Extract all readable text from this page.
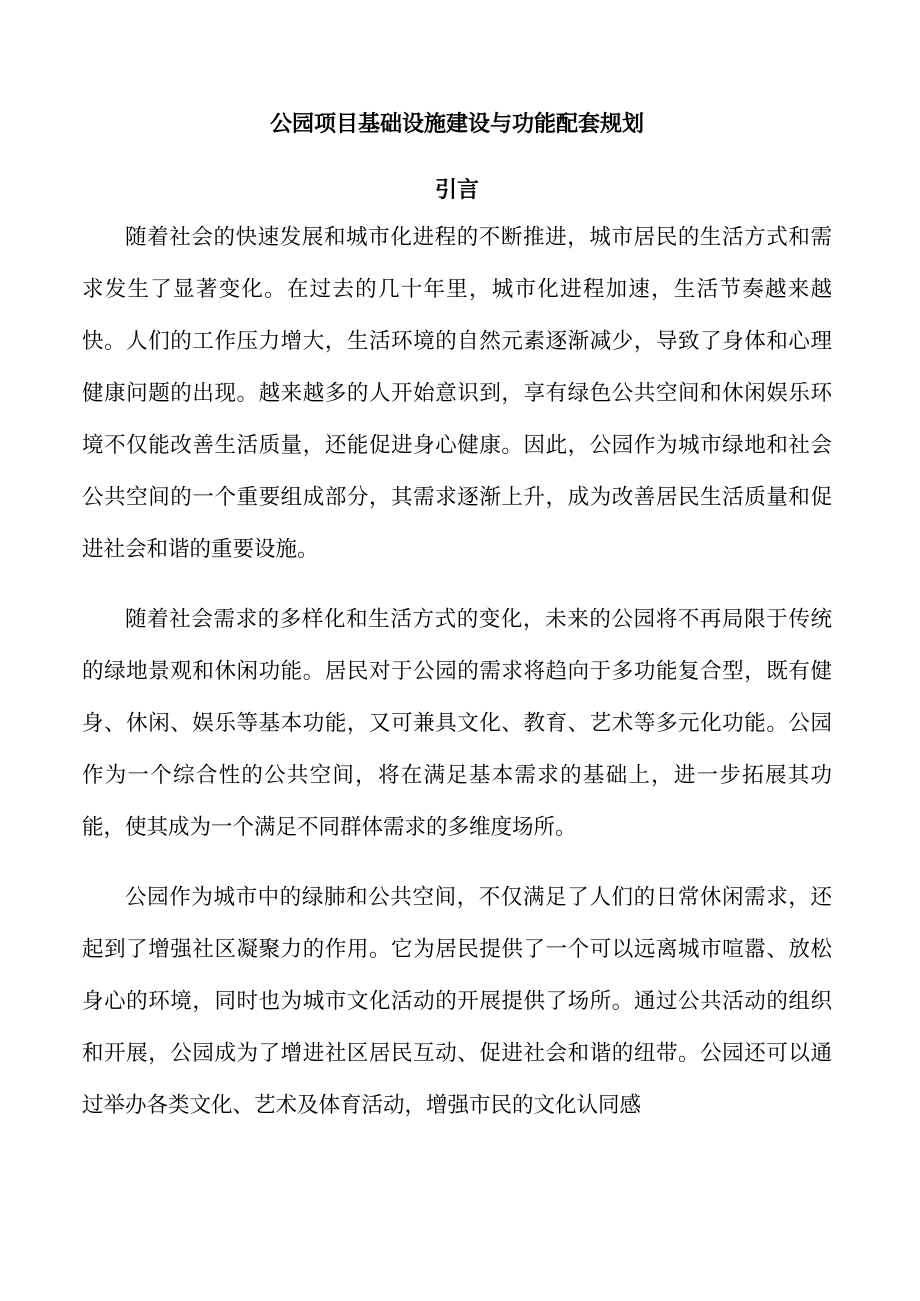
公园项目基础设施建设与功能配套规划
引言

随着社会的快速发展和城市化进程的不断推进，城市居民的生活方式和需求发生了显著变化。在过去的几十年里，城市化进程加速，生活节奏越来越快。人们的工作压力增大，生活环境的自然元素逐渐减少，导致了身体和心理健康问题的出现。越来越多的人开始意识到，享有绿色公共空间和休闲娱乐环境不仅能改善生活质量，还能促进身心健康。因此，公园作为城市绿地和社会公共空间的一个重要组成部分，其需求逐渐上升，成为改善居民生活质量和促进社会和谐的重要设施。

随着社会需求的多样化和生活方式的变化，未来的公园将不再局限于传统的绿地景观和休闲功能。居民对于公园的需求将趋向于多功能复合型，既有健身、休闲、娱乐等基本功能，又可兼具文化、教育、艺术等多元化功能。公园作为一个综合性的公共空间，将在满足基本需求的基础上，进一步拓展其功能，使其成为一个满足不同群体需求的多维度场所。

公园作为城市中的绿肺和公共空间，不仅满足了人们的日常休闲需求，还起到了增强社区凝聚力的作用。它为居民提供了一个可以远离城市喧嚣、放松身心的环境，同时也为城市文化活动的开展提供了场所。通过公共活动的组织和开展，公园成为了增进社区居民互动、促进社会和谐的纽带。公园还可以通过举办各类文化、艺术及体育活动，增强市民的文化认同感
